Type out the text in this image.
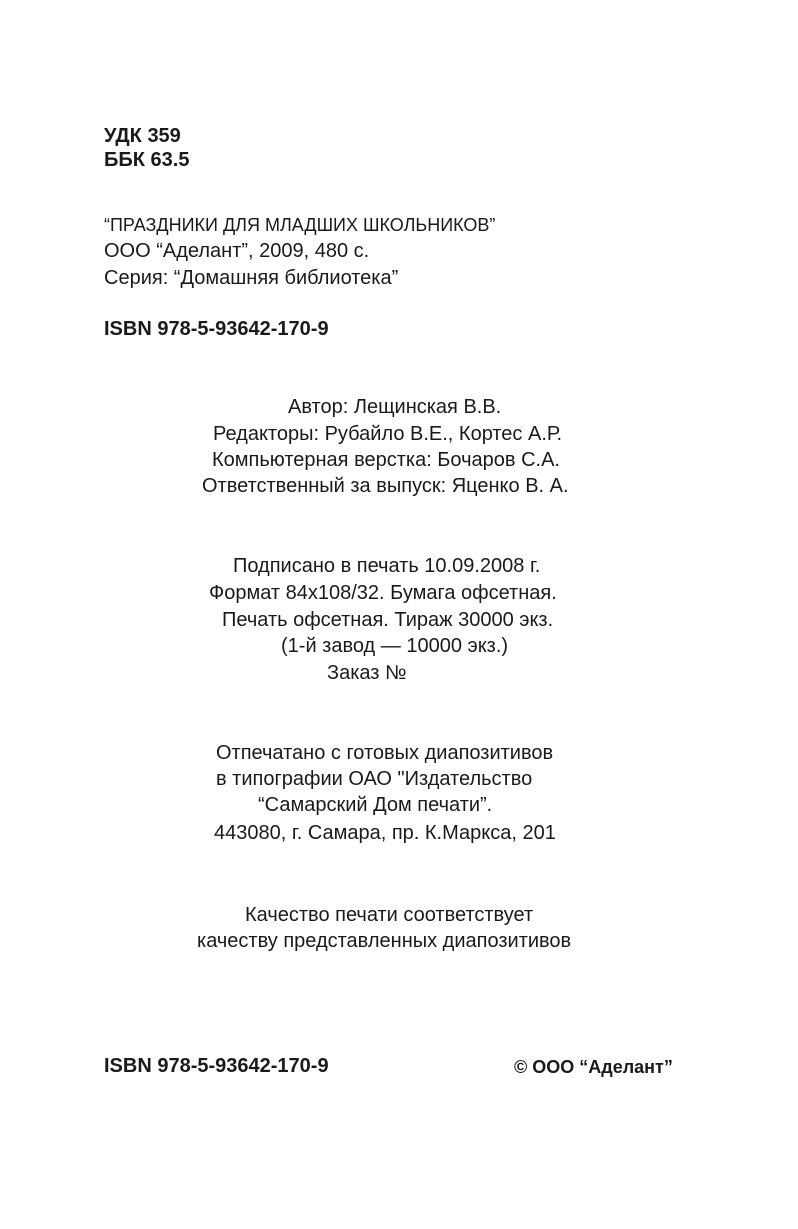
УДК 359
ББК 63.5
“ПРАЗДНИКИ ДЛЯ МЛАДШИХ ШКОЛЬНИКОВ”
ООО “Аделант”, 2009, 480 с.
Серия: “Домашняя библиотека”
ISBN 978-5-93642-170-9
Автор: Лещинская В.В.
Редакторы: Рубайло В.Е., Кортес А.Р.
Компьютерная верстка: Бочаров С.А.
Ответственный за выпуск: Яценко В. А.
Подписано в печать 10.09.2008 г.
Формат 84x108/32. Бумага офсетная.
Печать офсетная. Тираж 30000 экз.
(1-й завод — 10000 экз.)
Заказ №
Отпечатано с готовых диапозитивов
в типографии ОАО "Издательство
“Самарский Дом печати”.
443080, г. Самара, пр. К.Маркса, 201
Качество печати соответствует
качеству представленных диапозитивов
ISBN 978-5-93642-170-9	© ООО “Аделант”
